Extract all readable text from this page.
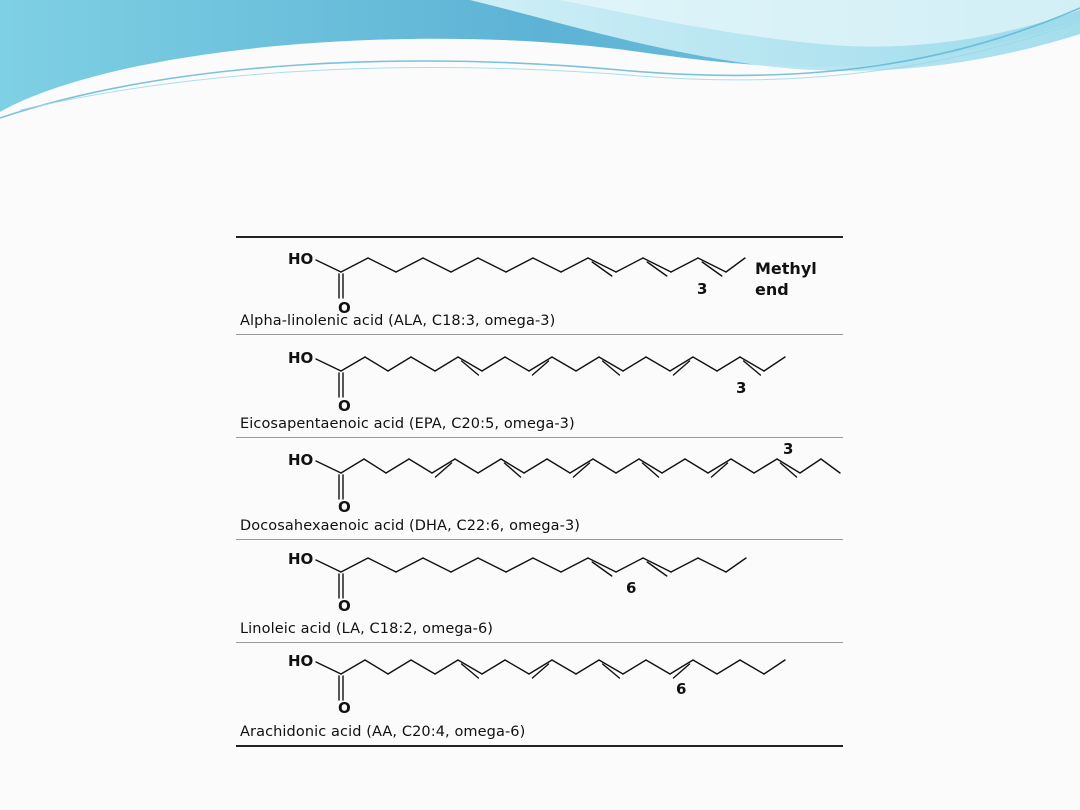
HO
O
3
Methyl
end
Alpha-linolenic acid (ALA, C18:3, omega-3)
HO
O
3
Eicosapentaenoic acid (EPA, C20:5, omega-3)
HO
O
3
Docosahexaenoic acid (DHA, C22:6, omega-3)
HO
O
6
Linoleic acid (LA, C18:2, omega-6)
HO
O
6
Arachidonic acid (AA, C20:4, omega-6)
